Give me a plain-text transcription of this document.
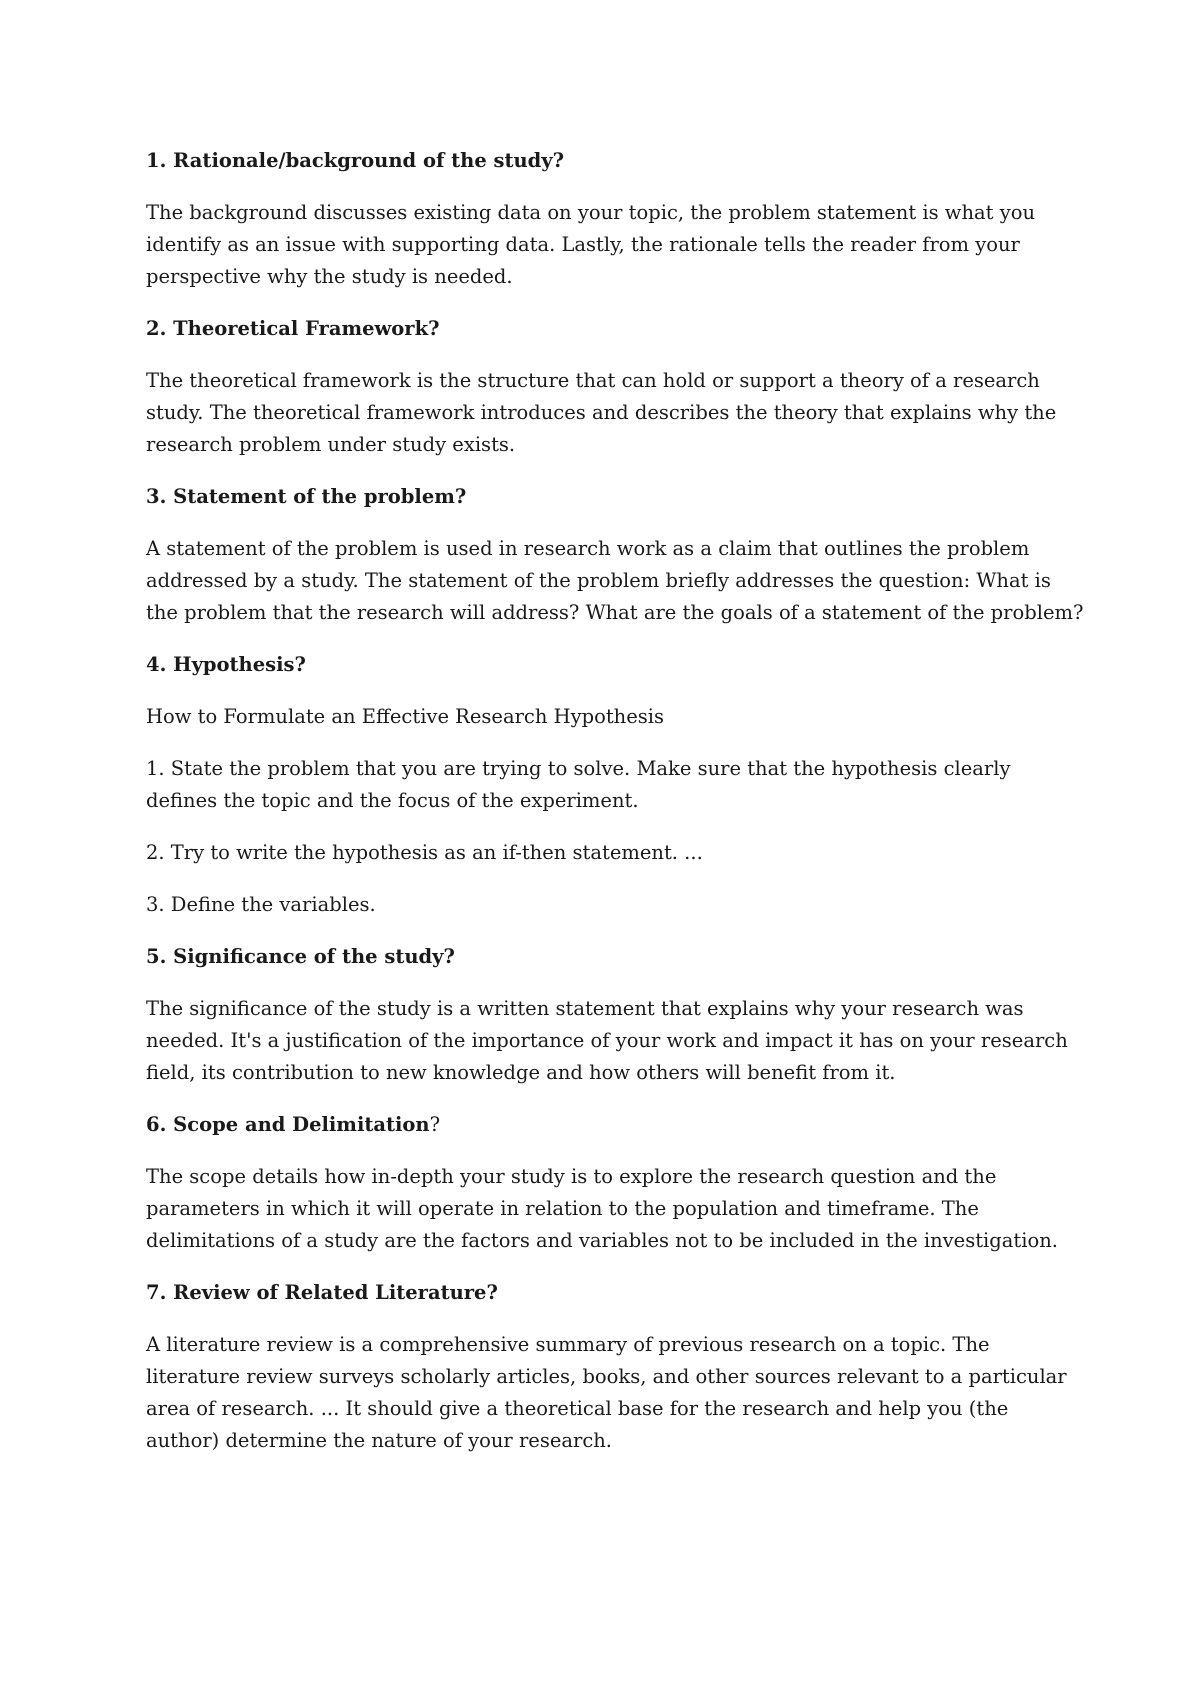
1. Rationale/background of the study?

The background discusses existing data on your topic, the problem statement is what you identify as an issue with supporting data. Lastly, the rationale tells the reader from your perspective why the study is needed.

2. Theoretical Framework?

The theoretical framework is the structure that can hold or support a theory of a research study. The theoretical framework introduces and describes the theory that explains why the research problem under study exists.

3. Statement of the problem?

A statement of the problem is used in research work as a claim that outlines the problem addressed by a study. The statement of the problem briefly addresses the question: What is the problem that the research will address? What are the goals of a statement of the problem?

4. Hypothesis?

How to Formulate an Effective Research Hypothesis

1. State the problem that you are trying to solve. Make sure that the hypothesis clearly defines the topic and the focus of the experiment.

2. Try to write the hypothesis as an if-then statement. ...

3. Define the variables.

5. Significance of the study?

The significance of the study is a written statement that explains why your research was needed. It's a justification of the importance of your work and impact it has on your research field, its contribution to new knowledge and how others will benefit from it.

6. Scope and Delimitation?

The scope details how in-depth your study is to explore the research question and the parameters in which it will operate in relation to the population and timeframe. The delimitations of a study are the factors and variables not to be included in the investigation.

7. Review of Related Literature?

A literature review is a comprehensive summary of previous research on a topic. The literature review surveys scholarly articles, books, and other sources relevant to a particular area of research. ... It should give a theoretical base for the research and help you (the author) determine the nature of your research.
